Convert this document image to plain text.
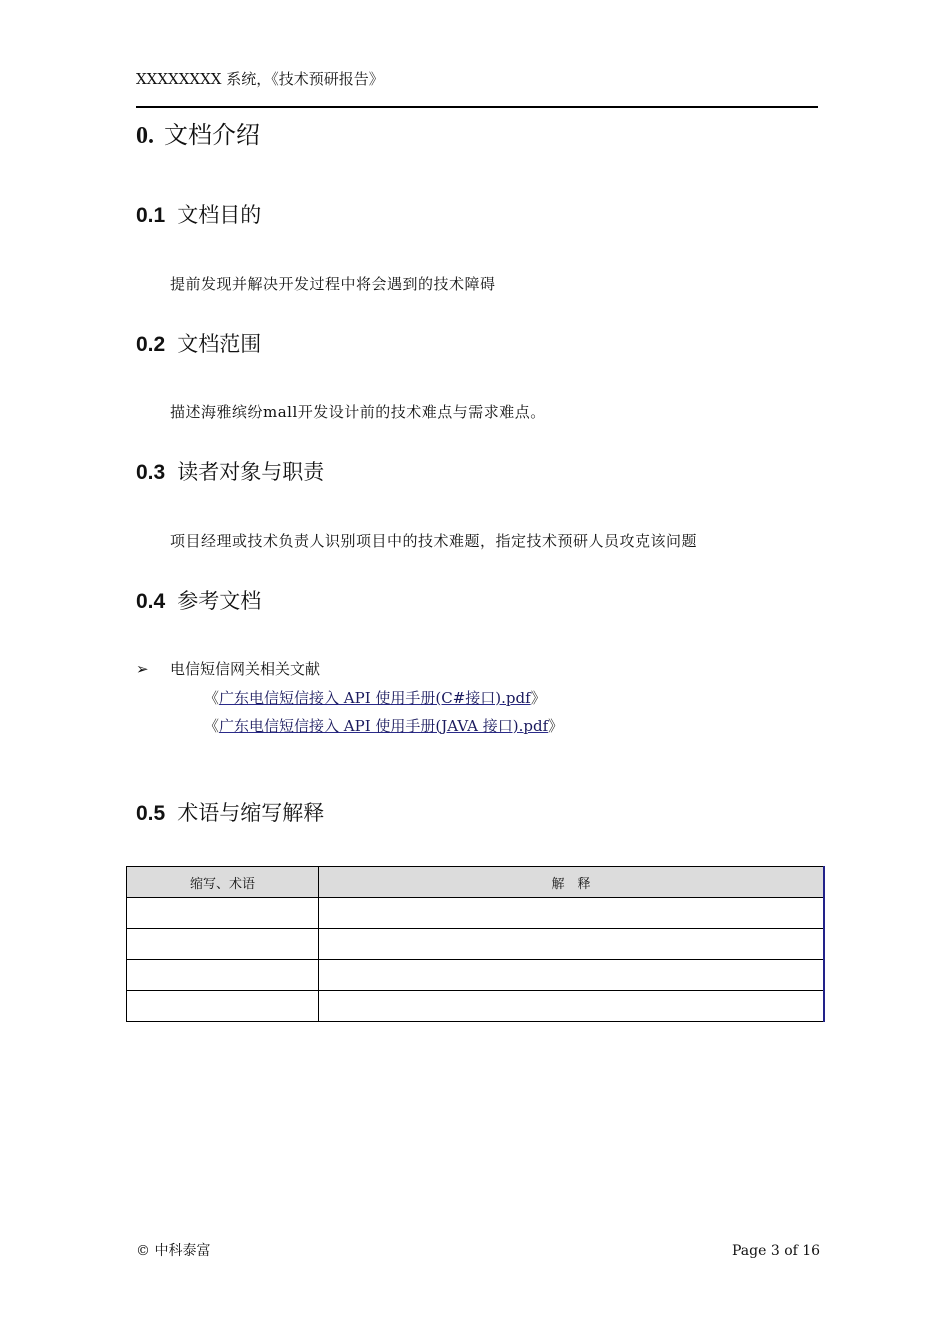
XXXXXXXX 系统，《技术预研报告》
0. 文档介绍
0.1 文档目的
提前发现并解决开发过程中将会遇到的技术障碍
0.2 文档范围
描述海雅缤纷mall开发设计前的技术难点与需求难点。
0.3 读者对象与职责
项目经理或技术负责人识别项目中的技术难题，指定技术预研人员攻克该问题
0.4 参考文档
➢ 电信短信网关相关文献
《广东电信短信接入 API 使用手册(C#接口).pdf》
《广东电信短信接入 API 使用手册(JAVA 接口).pdf》
0.5 术语与缩写解释
缩写、术语	解　释

© 中科泰富	Page 3 of 16
